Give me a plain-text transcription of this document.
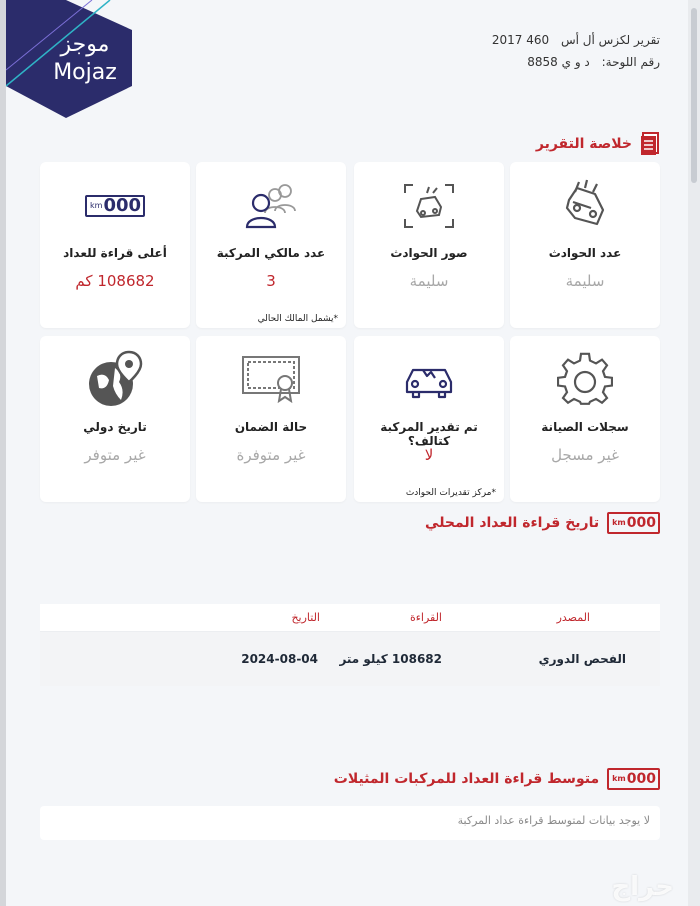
موجز
Mojaz
تقرير لكزس أل أس 460 2017
رقم اللوحة: د و ي 8858
خلاصة التقرير
عدد الحوادث
سليمة
صور الحوادث
سليمة
عدد مالكي المركبة
3
*يشمل المالك الحالي
000
km
أعلى قراءة للعداد
108682 كم
سجلات الصيانة
غير مسجل
تم تقدير المركبة كتالف؟
لا
*مركز تقديرات الحوادث
حالة الضمان
غير متوفرة
تاريخ دولي
غير متوفر
000
km
تاريخ قراءة العداد المحلي
المصدر
القراءة
التاريخ
الفحص الدوري
108682 كيلو متر
2024-08-04
000
km
متوسط قراءة العداد للمركبات المثيلات
لا يوجد بيانات لمتوسط قراءة عداد المركبة
حراج
